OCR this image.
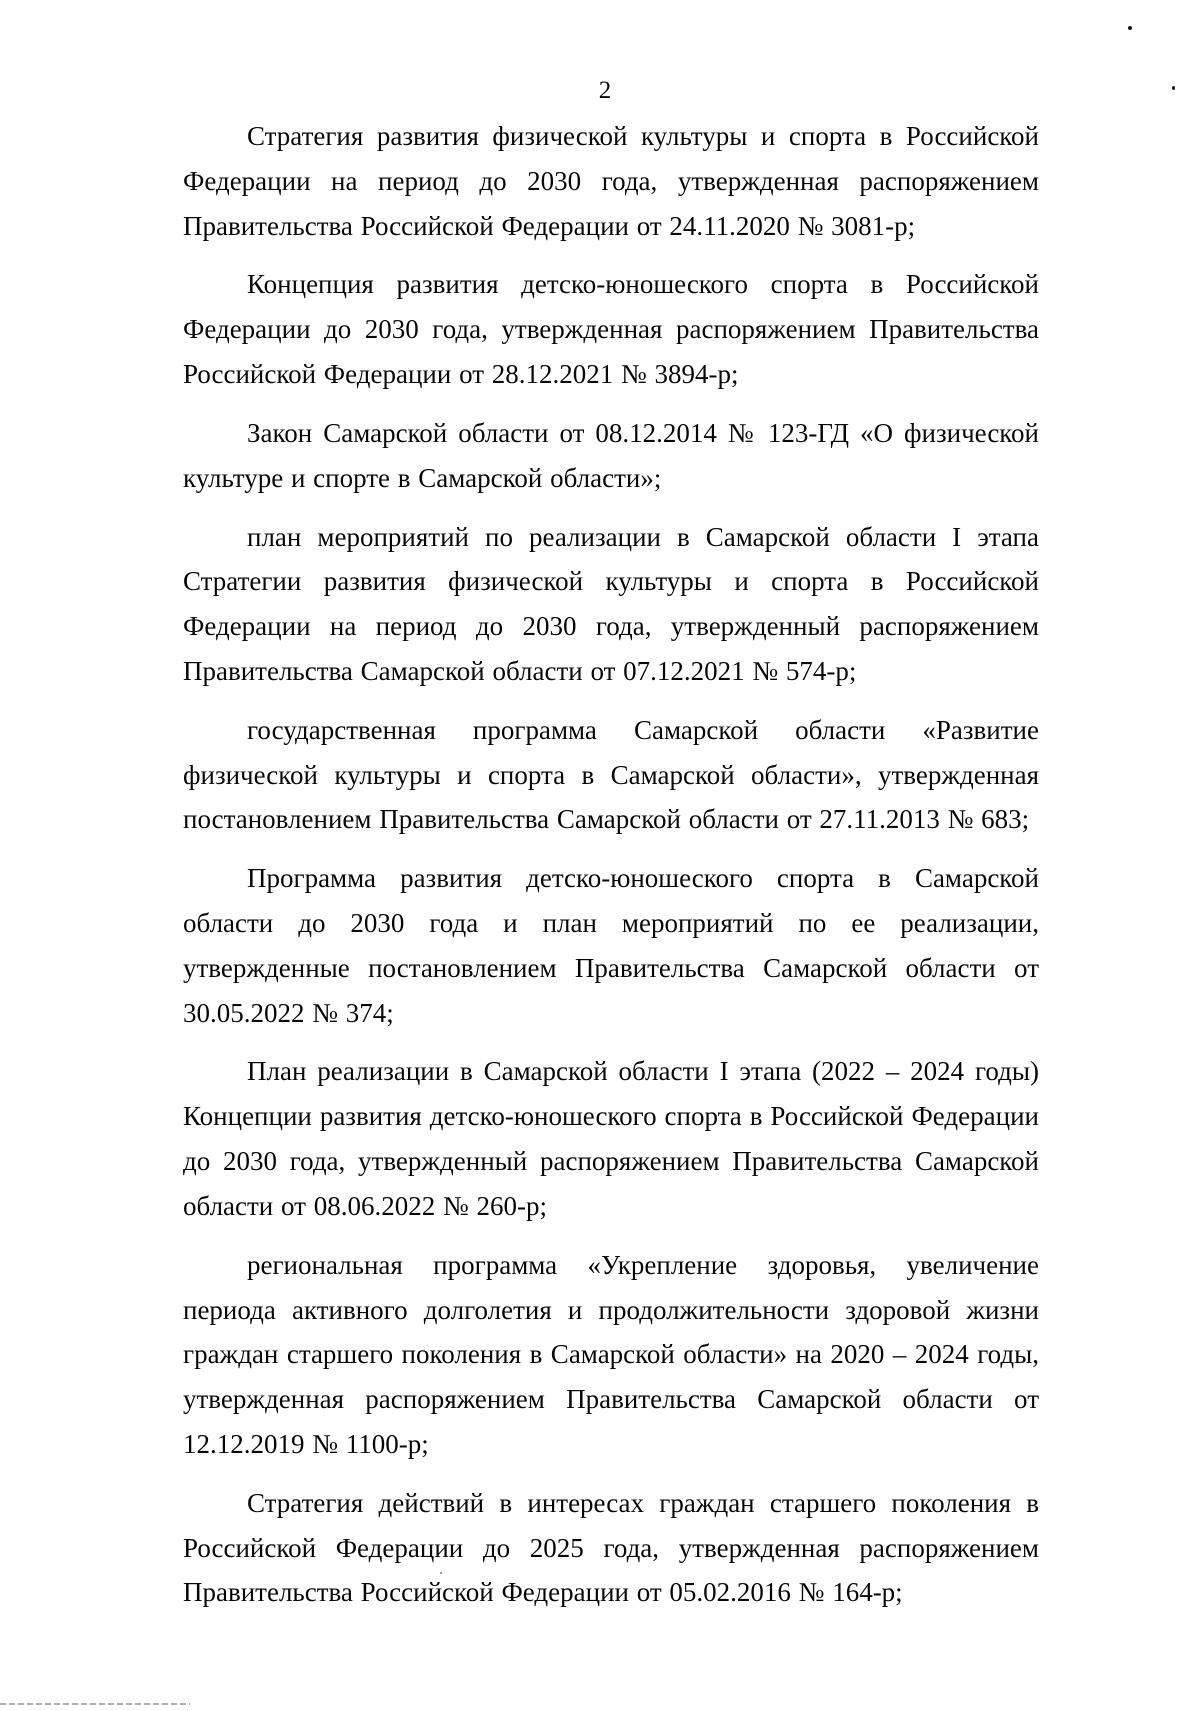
2

Стратегия развития физической культуры и спорта в Российской Федерации на период до 2030 года, утвержденная распоряжением Правительства Российской Федерации от 24.11.2020 № 3081-р;

Концепция развития детско-юношеского спорта в Российской Федерации до 2030 года, утвержденная распоряжением Правительства Российской Федерации от 28.12.2021 № 3894-р;

Закон Самарской области от 08.12.2014 № 123-ГД «О физической культуре и спорте в Самарской области»;

план мероприятий по реализации в Самарской области I этапа Стратегии развития физической культуры и спорта в Российской Федерации на период до 2030 года, утвержденный распоряжением Правительства Самарской области от 07.12.2021 № 574-р;

государственная программа Самарской области «Развитие физической культуры и спорта в Самарской области», утвержденная постановлением Правительства Самарской области от 27.11.2013 № 683;

Программа развития детско-юношеского спорта в Самарской области до 2030 года и план мероприятий по ее реализации, утвержденные постановлением Правительства Самарской области от 30.05.2022 № 374;

План реализации в Самарской области I этапа (2022 – 2024 годы) Концепции развития детско-юношеского спорта в Российской Федерации до 2030 года, утвержденный распоряжением Правительства Самарской области от 08.06.2022 № 260-р;

региональная программа «Укрепление здоровья, увеличение периода активного долголетия и продолжительности здоровой жизни граждан старшего поколения в Самарской области» на 2020 – 2024 годы, утвержденная распоряжением Правительства Самарской области от 12.12.2019 № 1100-р;

Стратегия действий в интересах граждан старшего поколения в Российской Федерации до 2025 года, утвержденная распоряжением Правительства Российской Федерации от 05.02.2016 № 164-р;
